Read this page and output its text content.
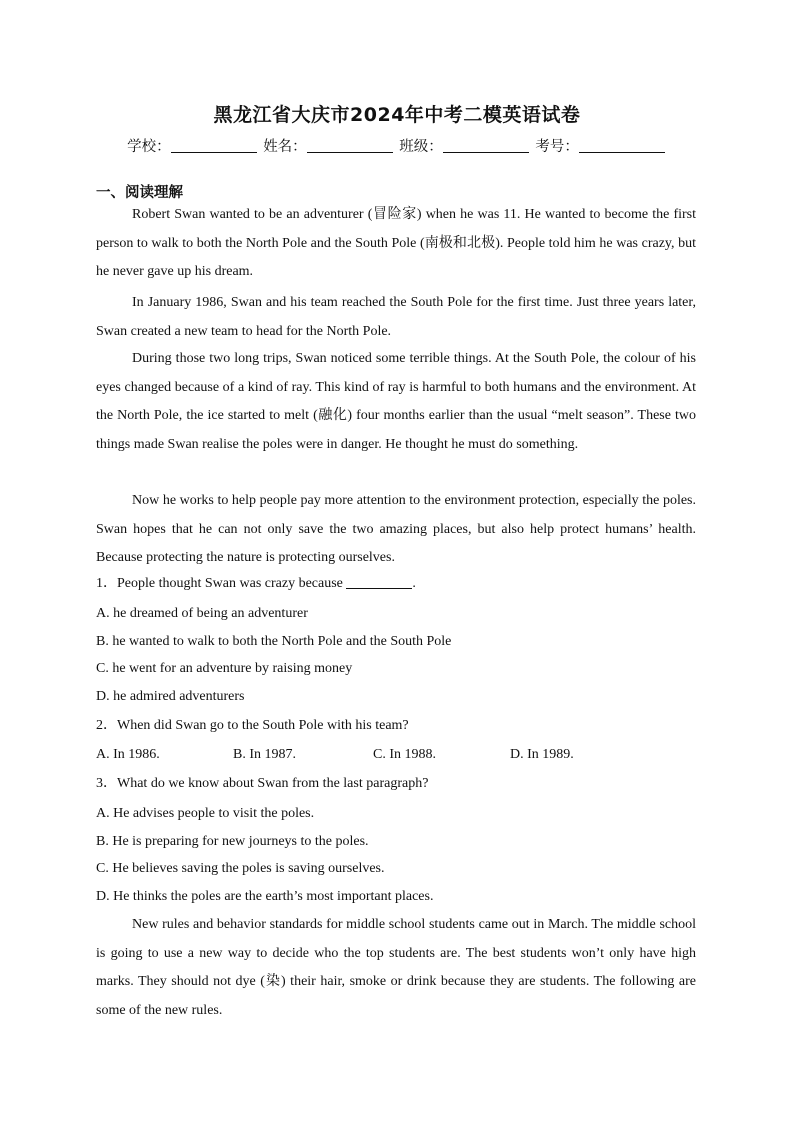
黑龙江省大庆市2024年中考二模英语试卷
学校：	姓名：	班级：	考号：
一、阅读理解

Robert Swan wanted to be an adventurer (冒险家) when he was 11. He wanted to become the first person to walk to both the North Pole and the South Pole (南极和北极). People told him he was crazy, but he never gave up his dream.

In January 1986, Swan and his team reached the South Pole for the first time. Just three years later, Swan created a new team to head for the North Pole.

During those two long trips, Swan noticed some terrible things. At the South Pole, the colour of his eyes changed because of a kind of ray. This kind of ray is harmful to both humans and the environment. At the North Pole, the ice started to melt (融化) four months earlier than the usual “melt season”. These two things made Swan realise the poles were in danger. He thought he must do something.

Now he works to help people pay more attention to the environment protection, especially the poles. Swan hopes that he can not only save the two amazing places, but also help protect humans’ health. Because protecting the nature is protecting ourselves.

1．People thought Swan was crazy because	.

A. he dreamed of being an adventurer

B. he wanted to walk to both the North Pole and the South Pole

C. he went for an adventure by raising money

D. he admired adventurers

2．When did Swan go to the South Pole with his team?

A. In 1986.	B. In 1987.	C. In 1988.	D. In 1989.

3．What do we know about Swan from the last paragraph?

A. He advises people to visit the poles.

B. He is preparing for new journeys to the poles.

C. He believes saving the poles is saving ourselves.

D. He thinks the poles are the earth’s most important places.

New rules and behavior standards for middle school students came out in March. The middle school is going to use a new way to decide who the top students are. The best students won’t only have high marks. They should not dye (染) their hair, smoke or drink because they are students. The following are some of the new rules.
